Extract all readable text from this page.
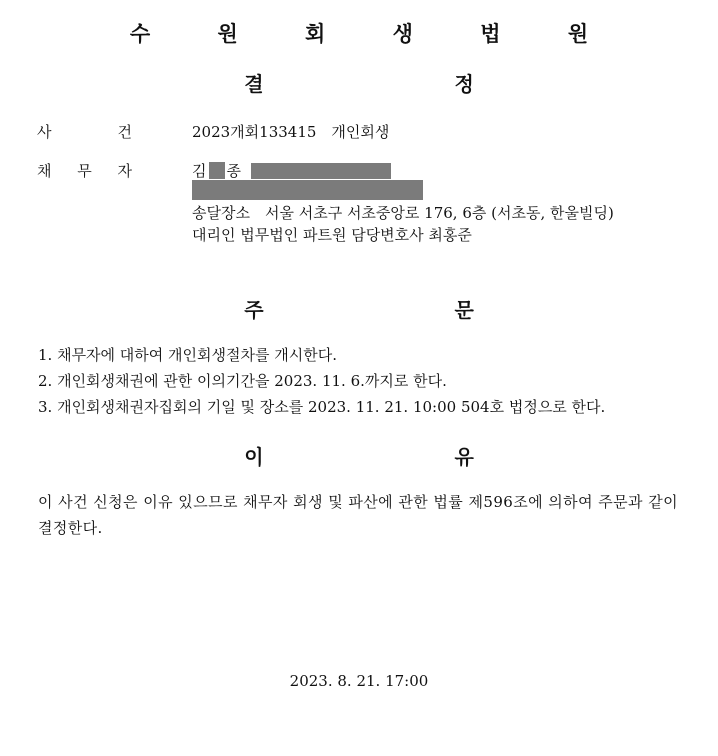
수 원 회 생 법 원
결 정
사	건	2023개회133415　개인회생
채 무 자	김 종
송달장소　서울 서초구 서초중앙로 176, 6층 (서초동, 한울빌딩)
대리인 법무법인 파트원 담당변호사 최홍준
주 문
1. 채무자에 대하여 개인회생절차를 개시한다.
2. 개인회생채권에 관한 이의기간을 2023. 11. 6.까지로 한다.
3. 개인회생채권자집회의 기일 및 장소를 2023. 11. 21. 10:00 504호 법정으로 한다.
이 유
이 사건 신청은 이유 있으므로 채무자 회생 및 파산에 관한 법률 제596조에 의하여 주문과 같이 결정한다.
2023. 8. 21. 17:00
